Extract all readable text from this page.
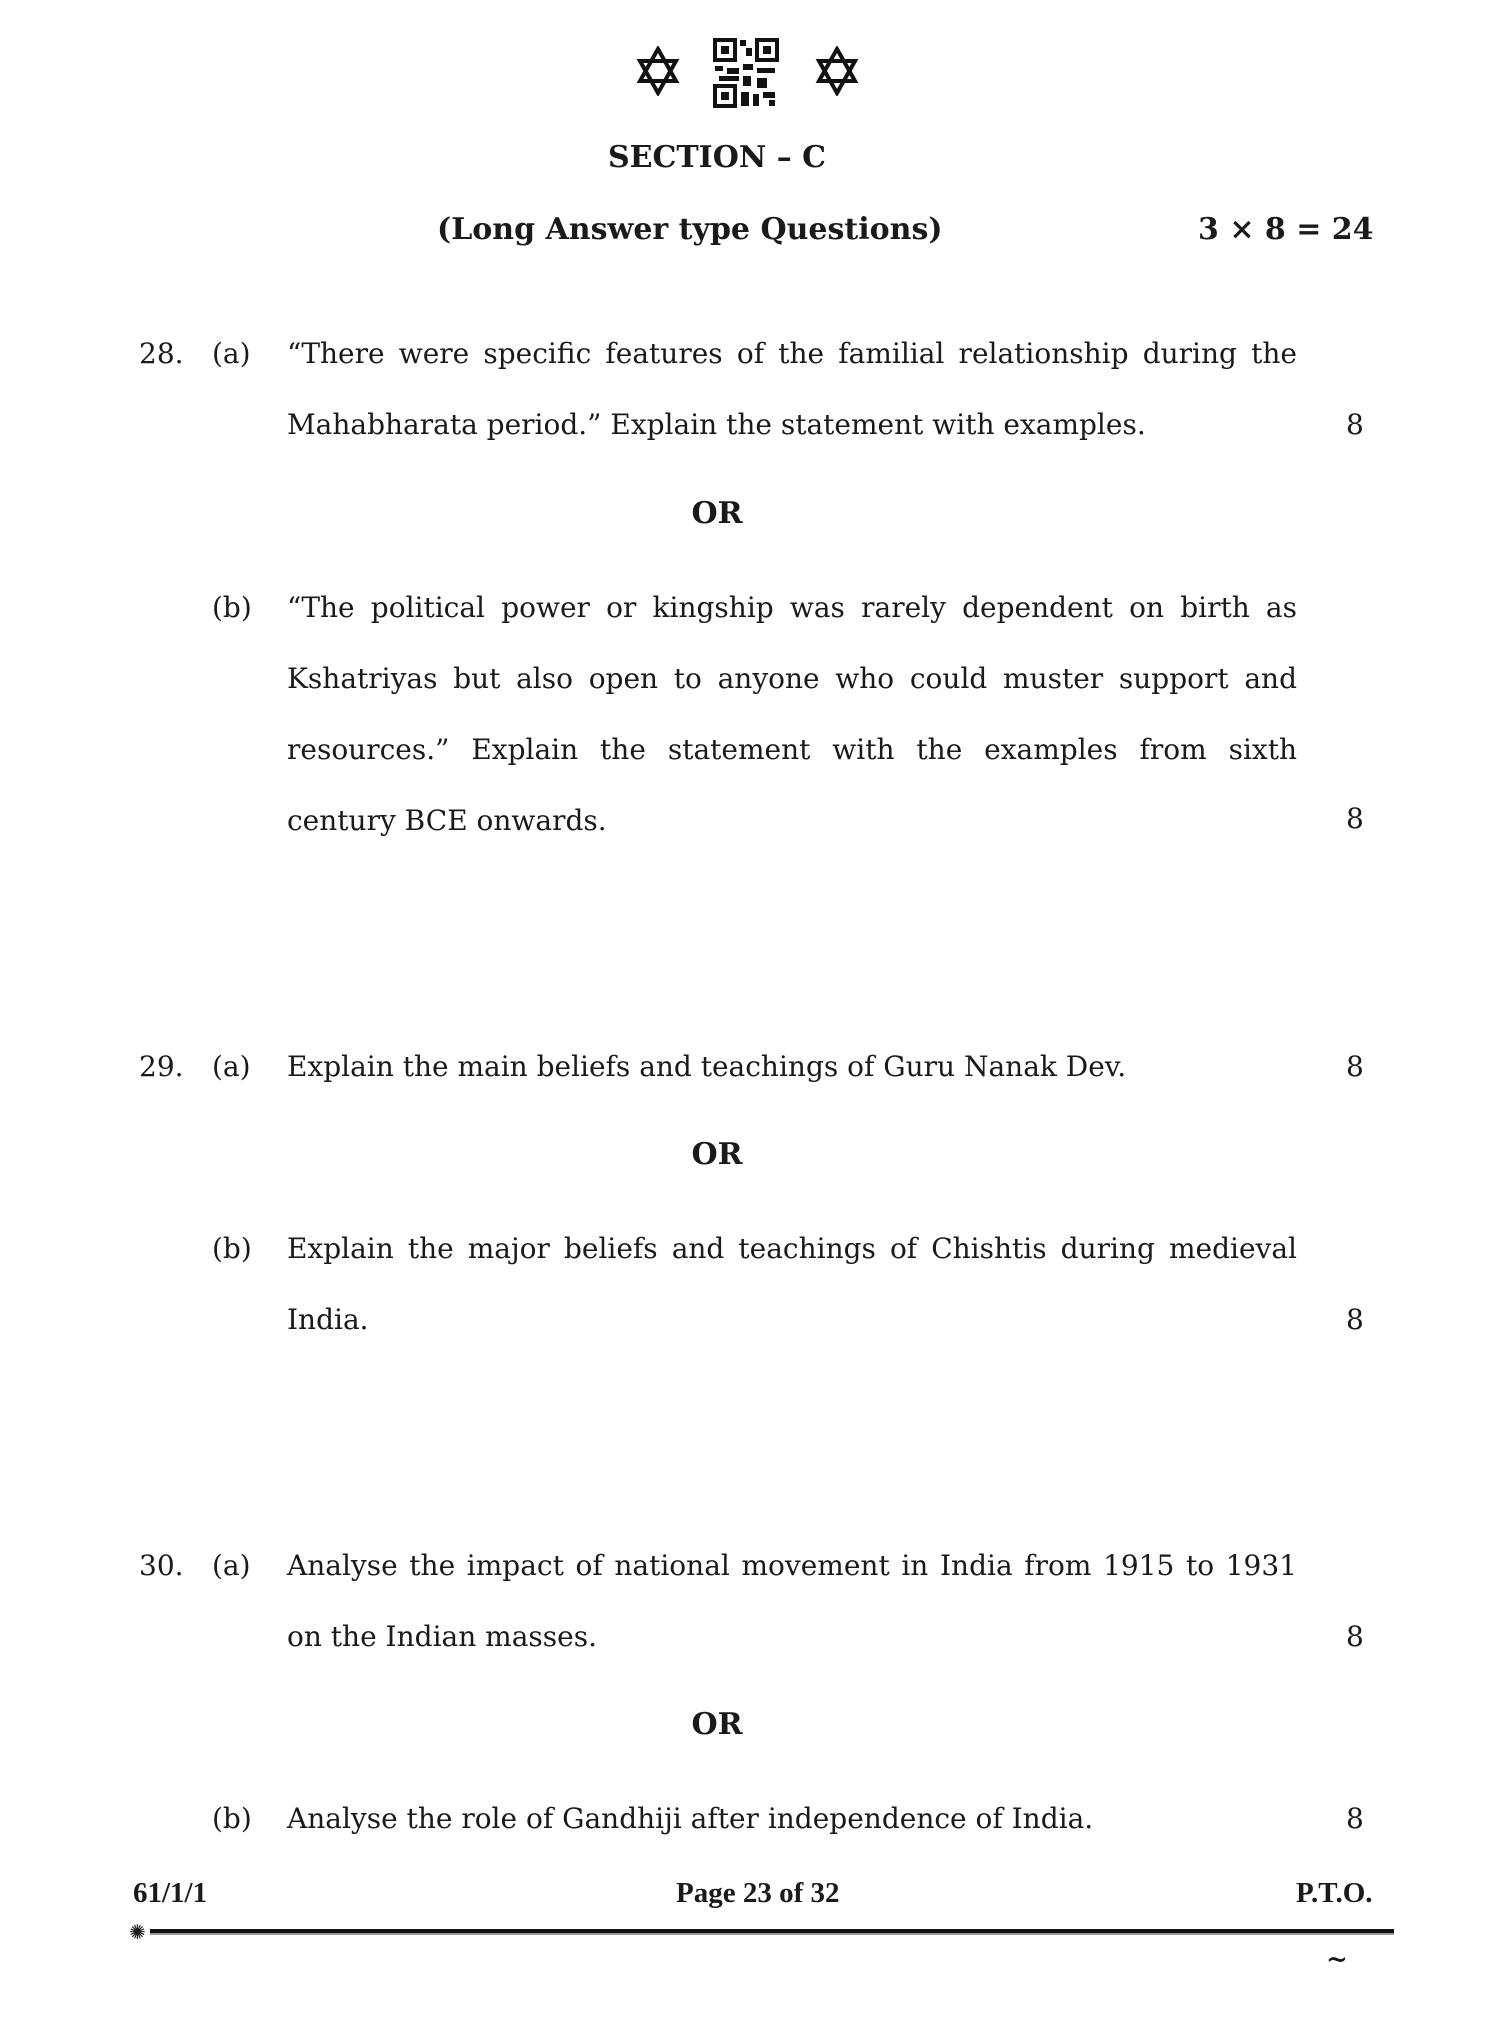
SECTION – C
(Long Answer type Questions)	3 × 8 = 24
28. (a) “There were specific features of the familial relationship during the Mahabharata period.” Explain the statement with examples.	8
OR
(b) “The political power or kingship was rarely dependent on birth as Kshatriyas but also open to anyone who could muster support and resources.” Explain the statement with the examples from sixth century BCE onwards.	8
29. (a) Explain the main beliefs and teachings of Guru Nanak Dev.	8
OR
(b) Explain the major beliefs and teachings of Chishtis during medieval India.	8
30. (a) Analyse the impact of national movement in India from 1915 to 1931 on the Indian masses.	8
OR
(b) Analyse the role of Gandhiji after independence of India.	8
61/1/1	Page 23 of 32	P.T.O.
✺
~
